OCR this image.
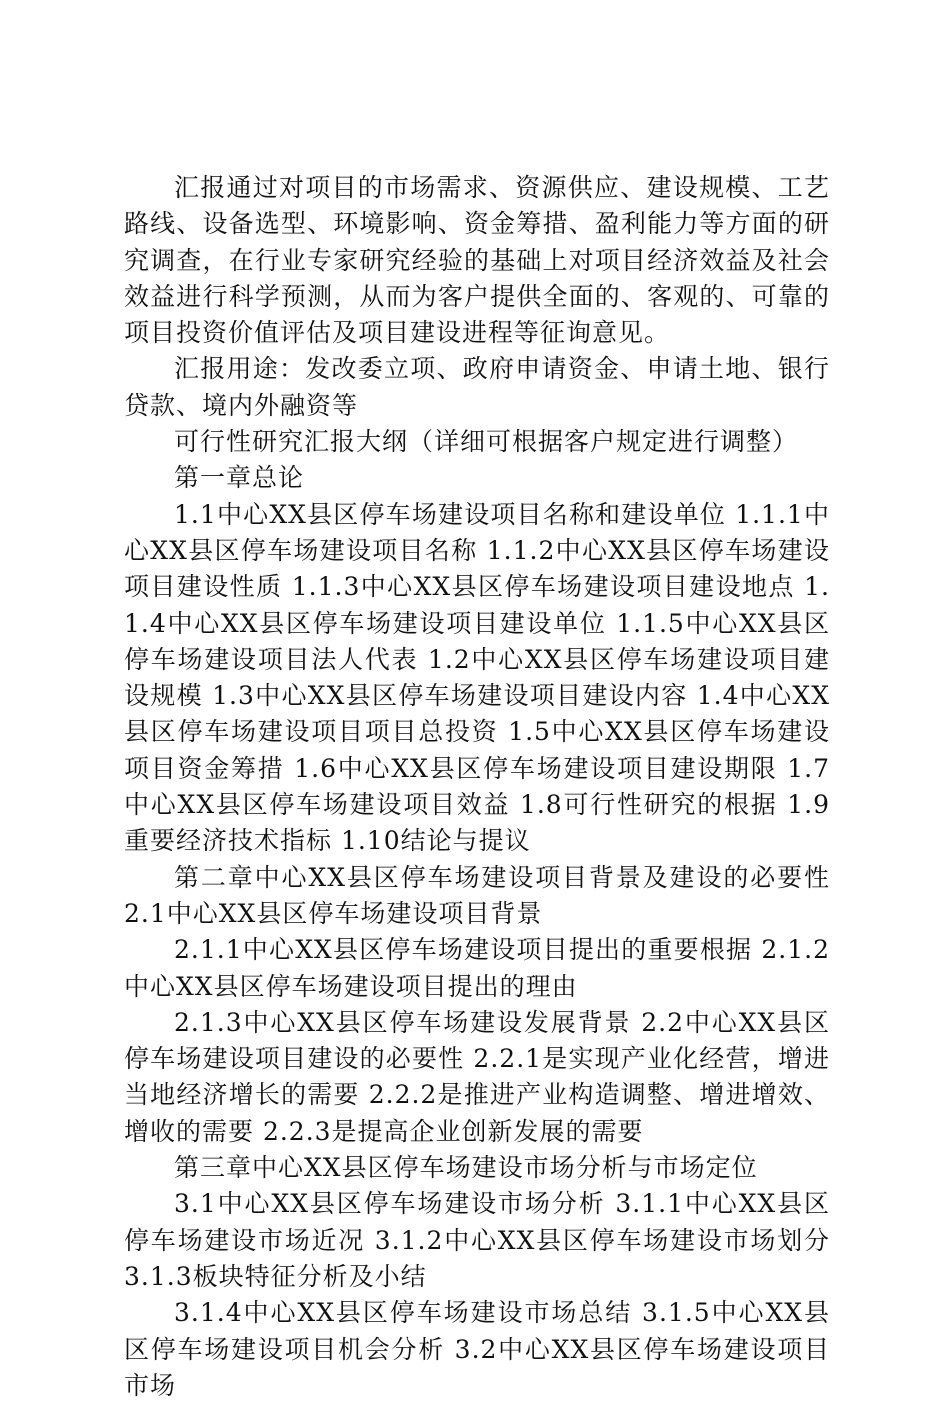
汇报通过对项目的市场需求、资源供应、建设规模、工艺路线、设备选型、环境影响、资金筹措、盈利能力等方面的研究调查，在行业专家研究经验的基础上对项目经济效益及社会效益进行科学预测，从而为客户提供全面的、客观的、可靠的项目投资价值评估及项目建设进程等征询意见。

汇报用途：发改委立项、政府申请资金、申请土地、银行贷款、境内外融资等

可行性研究汇报大纲（详细可根据客户规定进行调整）

第一章总论

1.1中心XX县区停车场建设项目名称和建设单位 1.1.1中心XX县区停车场建设项目名称 1.1.2中心XX县区停车场建设项目建设性质 1.1.3中心XX县区停车场建设项目建设地点 1.1.4中心XX县区停车场建设项目建设单位 1.1.5中心XX县区停车场建设项目法人代表 1.2中心XX县区停车场建设项目建设规模 1.3中心XX县区停车场建设项目建设内容 1.4中心XX县区停车场建设项目项目总投资 1.5中心XX县区停车场建设项目资金筹措 1.6中心XX县区停车场建设项目建设期限 1.7中心XX县区停车场建设项目效益 1.8可行性研究的根据 1.9重要经济技术指标 1.10结论与提议

第二章中心XX县区停车场建设项目背景及建设的必要性 2.1中心XX县区停车场建设项目背景

2.1.1中心XX县区停车场建设项目提出的重要根据 2.1.2中心XX县区停车场建设项目提出的理由

2.1.3中心XX县区停车场建设发展背景 2.2中心XX县区停车场建设项目建设的必要性 2.2.1是实现产业化经营，增进当地经济增长的需要 2.2.2是推进产业构造调整、增进增效、增收的需要 2.2.3是提高企业创新发展的需要

第三章中心XX县区停车场建设市场分析与市场定位

3.1中心XX县区停车场建设市场分析 3.1.1中心XX县区停车场建设市场近况 3.1.2中心XX县区停车场建设市场划分 3.1.3板块特征分析及小结

3.1.4中心XX县区停车场建设市场总结 3.1.5中心XX县区停车场建设项目机会分析 3.2中心XX县区停车场建设项目市场
